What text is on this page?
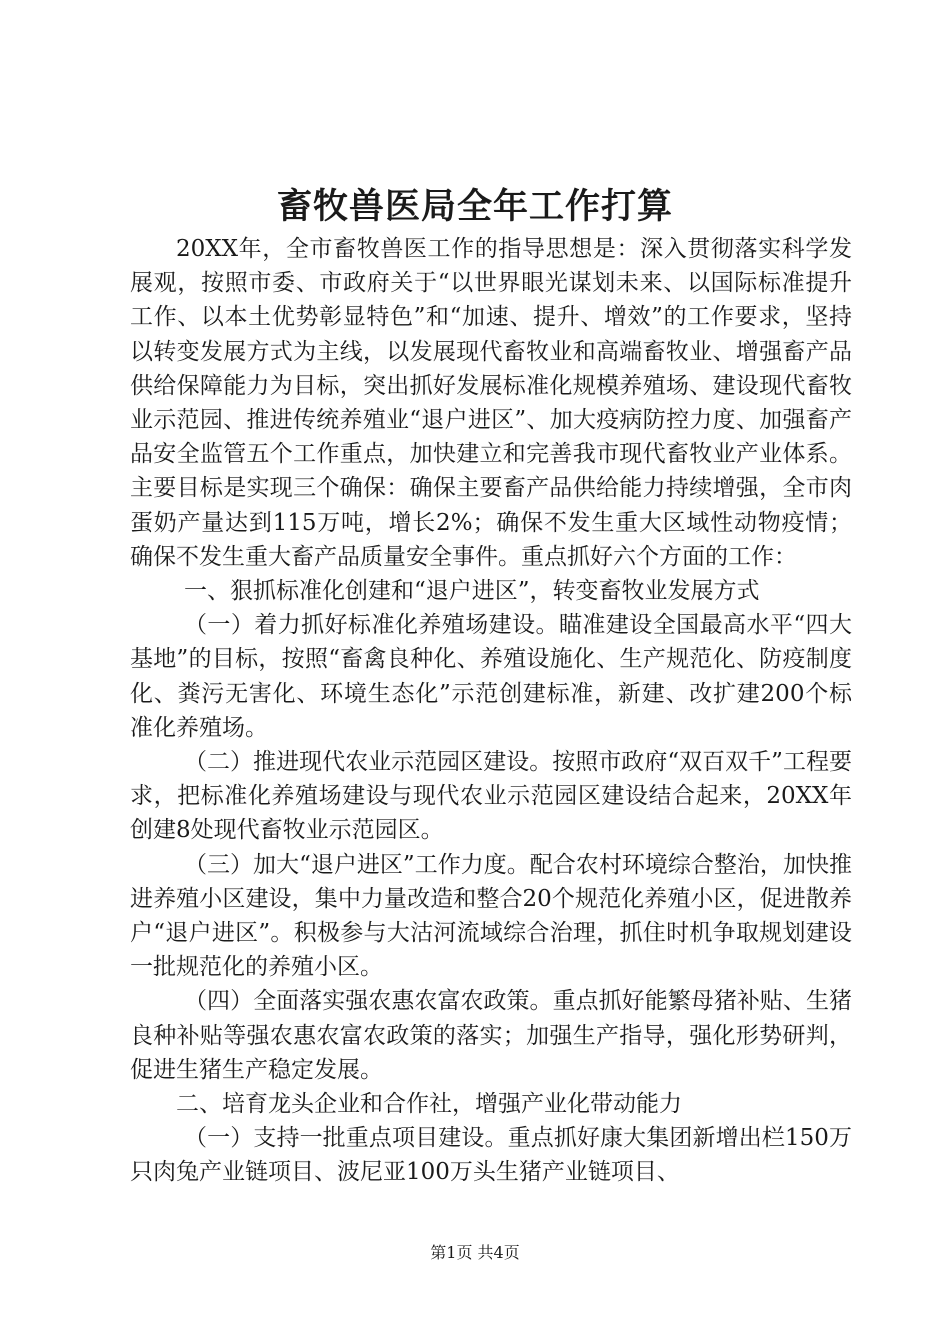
畜牧兽医局全年工作打算

20XX年，全市畜牧兽医工作的指导思想是：深入贯彻落实科学发展观，按照市委、市政府关于“以世界眼光谋划未来、以国际标准提升工作、以本土优势彰显特色”和“加速、提升、增效”的工作要求，坚持以转变发展方式为主线，以发展现代畜牧业和高端畜牧业、增强畜产品供给保障能力为目标，突出抓好发展标准化规模养殖场、建设现代畜牧业示范园、推进传统养殖业“退户进区”、加大疫病防控力度、加强畜产品安全监管五个工作重点，加快建立和完善我市现代畜牧业产业体系。主要目标是实现三个确保：确保主要畜产品供给能力持续增强，全市肉蛋奶产量达到115万吨，增长2%；确保不发生重大区域性动物疫情；确保不发生重大畜产品质量安全事件。重点抓好六个方面的工作：

一、狠抓标准化创建和“退户进区”，转变畜牧业发展方式

（一）着力抓好标准化养殖场建设。瞄准建设全国最高水平“四大基地”的目标，按照“畜禽良种化、养殖设施化、生产规范化、防疫制度化、粪污无害化、环境生态化”示范创建标准，新建、改扩建200个标准化养殖场。

（二）推进现代农业示范园区建设。按照市政府“双百双千”工程要求，把标准化养殖场建设与现代农业示范园区建设结合起来，20XX年创建8处现代畜牧业示范园区。

（三）加大“退户进区”工作力度。配合农村环境综合整治，加快推进养殖小区建设，集中力量改造和整合20个规范化养殖小区，促进散养户“退户进区”。积极参与大沽河流域综合治理，抓住时机争取规划建设一批规范化的养殖小区。

（四）全面落实强农惠农富农政策。重点抓好能繁母猪补贴、生猪良种补贴等强农惠农富农政策的落实；加强生产指导，强化形势研判，促进生猪生产稳定发展。

二、培育龙头企业和合作社，增强产业化带动能力

（一）支持一批重点项目建设。重点抓好康大集团新增出栏150万只肉兔产业链项目、波尼亚100万头生猪产业链项目、

第1页 共4页
